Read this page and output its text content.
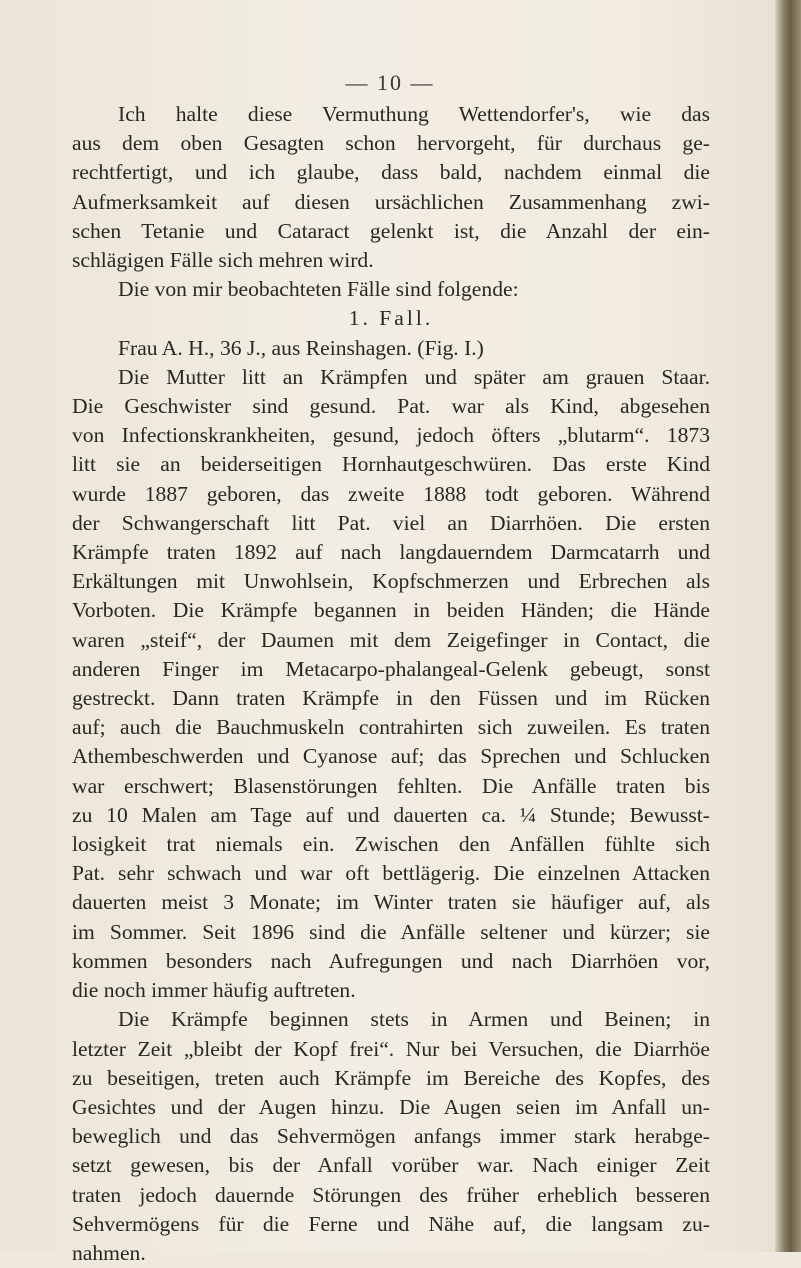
— 10 —
Ich halte diese Vermuthung Wettendorfer's, wie das
aus dem oben Gesagten schon hervorgeht, für durchaus ge-
rechtfertigt, und ich glaube, dass bald, nachdem einmal die
Aufmerksamkeit auf diesen ursächlichen Zusammenhang zwi-
schen Tetanie und Cataract gelenkt ist, die Anzahl der ein-
schlägigen Fälle sich mehren wird.
Die von mir beobachteten Fälle sind folgende:
1. Fall.
Frau A. H., 36 J., aus Reinshagen. (Fig. I.)
Die Mutter litt an Krämpfen und später am grauen Staar.
Die Geschwister sind gesund. Pat. war als Kind, abgesehen
von Infectionskrankheiten, gesund, jedoch öfters „blutarm“. 1873
litt sie an beiderseitigen Hornhautgeschwüren. Das erste Kind
wurde 1887 geboren, das zweite 1888 todt geboren. Während
der Schwangerschaft litt Pat. viel an Diarrhöen. Die ersten
Krämpfe traten 1892 auf nach langdauerndem Darmcatarrh und
Erkältungen mit Unwohlsein, Kopfschmerzen und Erbrechen als
Vorboten. Die Krämpfe begannen in beiden Händen; die Hände
waren „steif“, der Daumen mit dem Zeigefinger in Contact, die
anderen Finger im Metacarpo-phalangeal-Gelenk gebeugt, sonst
gestreckt. Dann traten Krämpfe in den Füssen und im Rücken
auf; auch die Bauchmuskeln contrahirten sich zuweilen. Es traten
Athembeschwerden und Cyanose auf; das Sprechen und Schlucken
war erschwert; Blasenstörungen fehlten. Die Anfälle traten bis
zu 10 Malen am Tage auf und dauerten ca. ¼ Stunde; Bewusst-
losigkeit trat niemals ein. Zwischen den Anfällen fühlte sich
Pat. sehr schwach und war oft bettlägerig. Die einzelnen Attacken
dauerten meist 3 Monate; im Winter traten sie häufiger auf, als
im Sommer. Seit 1896 sind die Anfälle seltener und kürzer; sie
kommen besonders nach Aufregungen und nach Diarrhöen vor,
die noch immer häufig auftreten.
Die Krämpfe beginnen stets in Armen und Beinen; in
letzter Zeit „bleibt der Kopf frei“. Nur bei Versuchen, die Diarrhöe
zu beseitigen, treten auch Krämpfe im Bereiche des Kopfes, des
Gesichtes und der Augen hinzu. Die Augen seien im Anfall un-
beweglich und das Sehvermögen anfangs immer stark herabge-
setzt gewesen, bis der Anfall vorüber war. Nach einiger Zeit
traten jedoch dauernde Störungen des früher erheblich besseren
Sehvermögens für die Ferne und Nähe auf, die langsam zu-
nahmen.
